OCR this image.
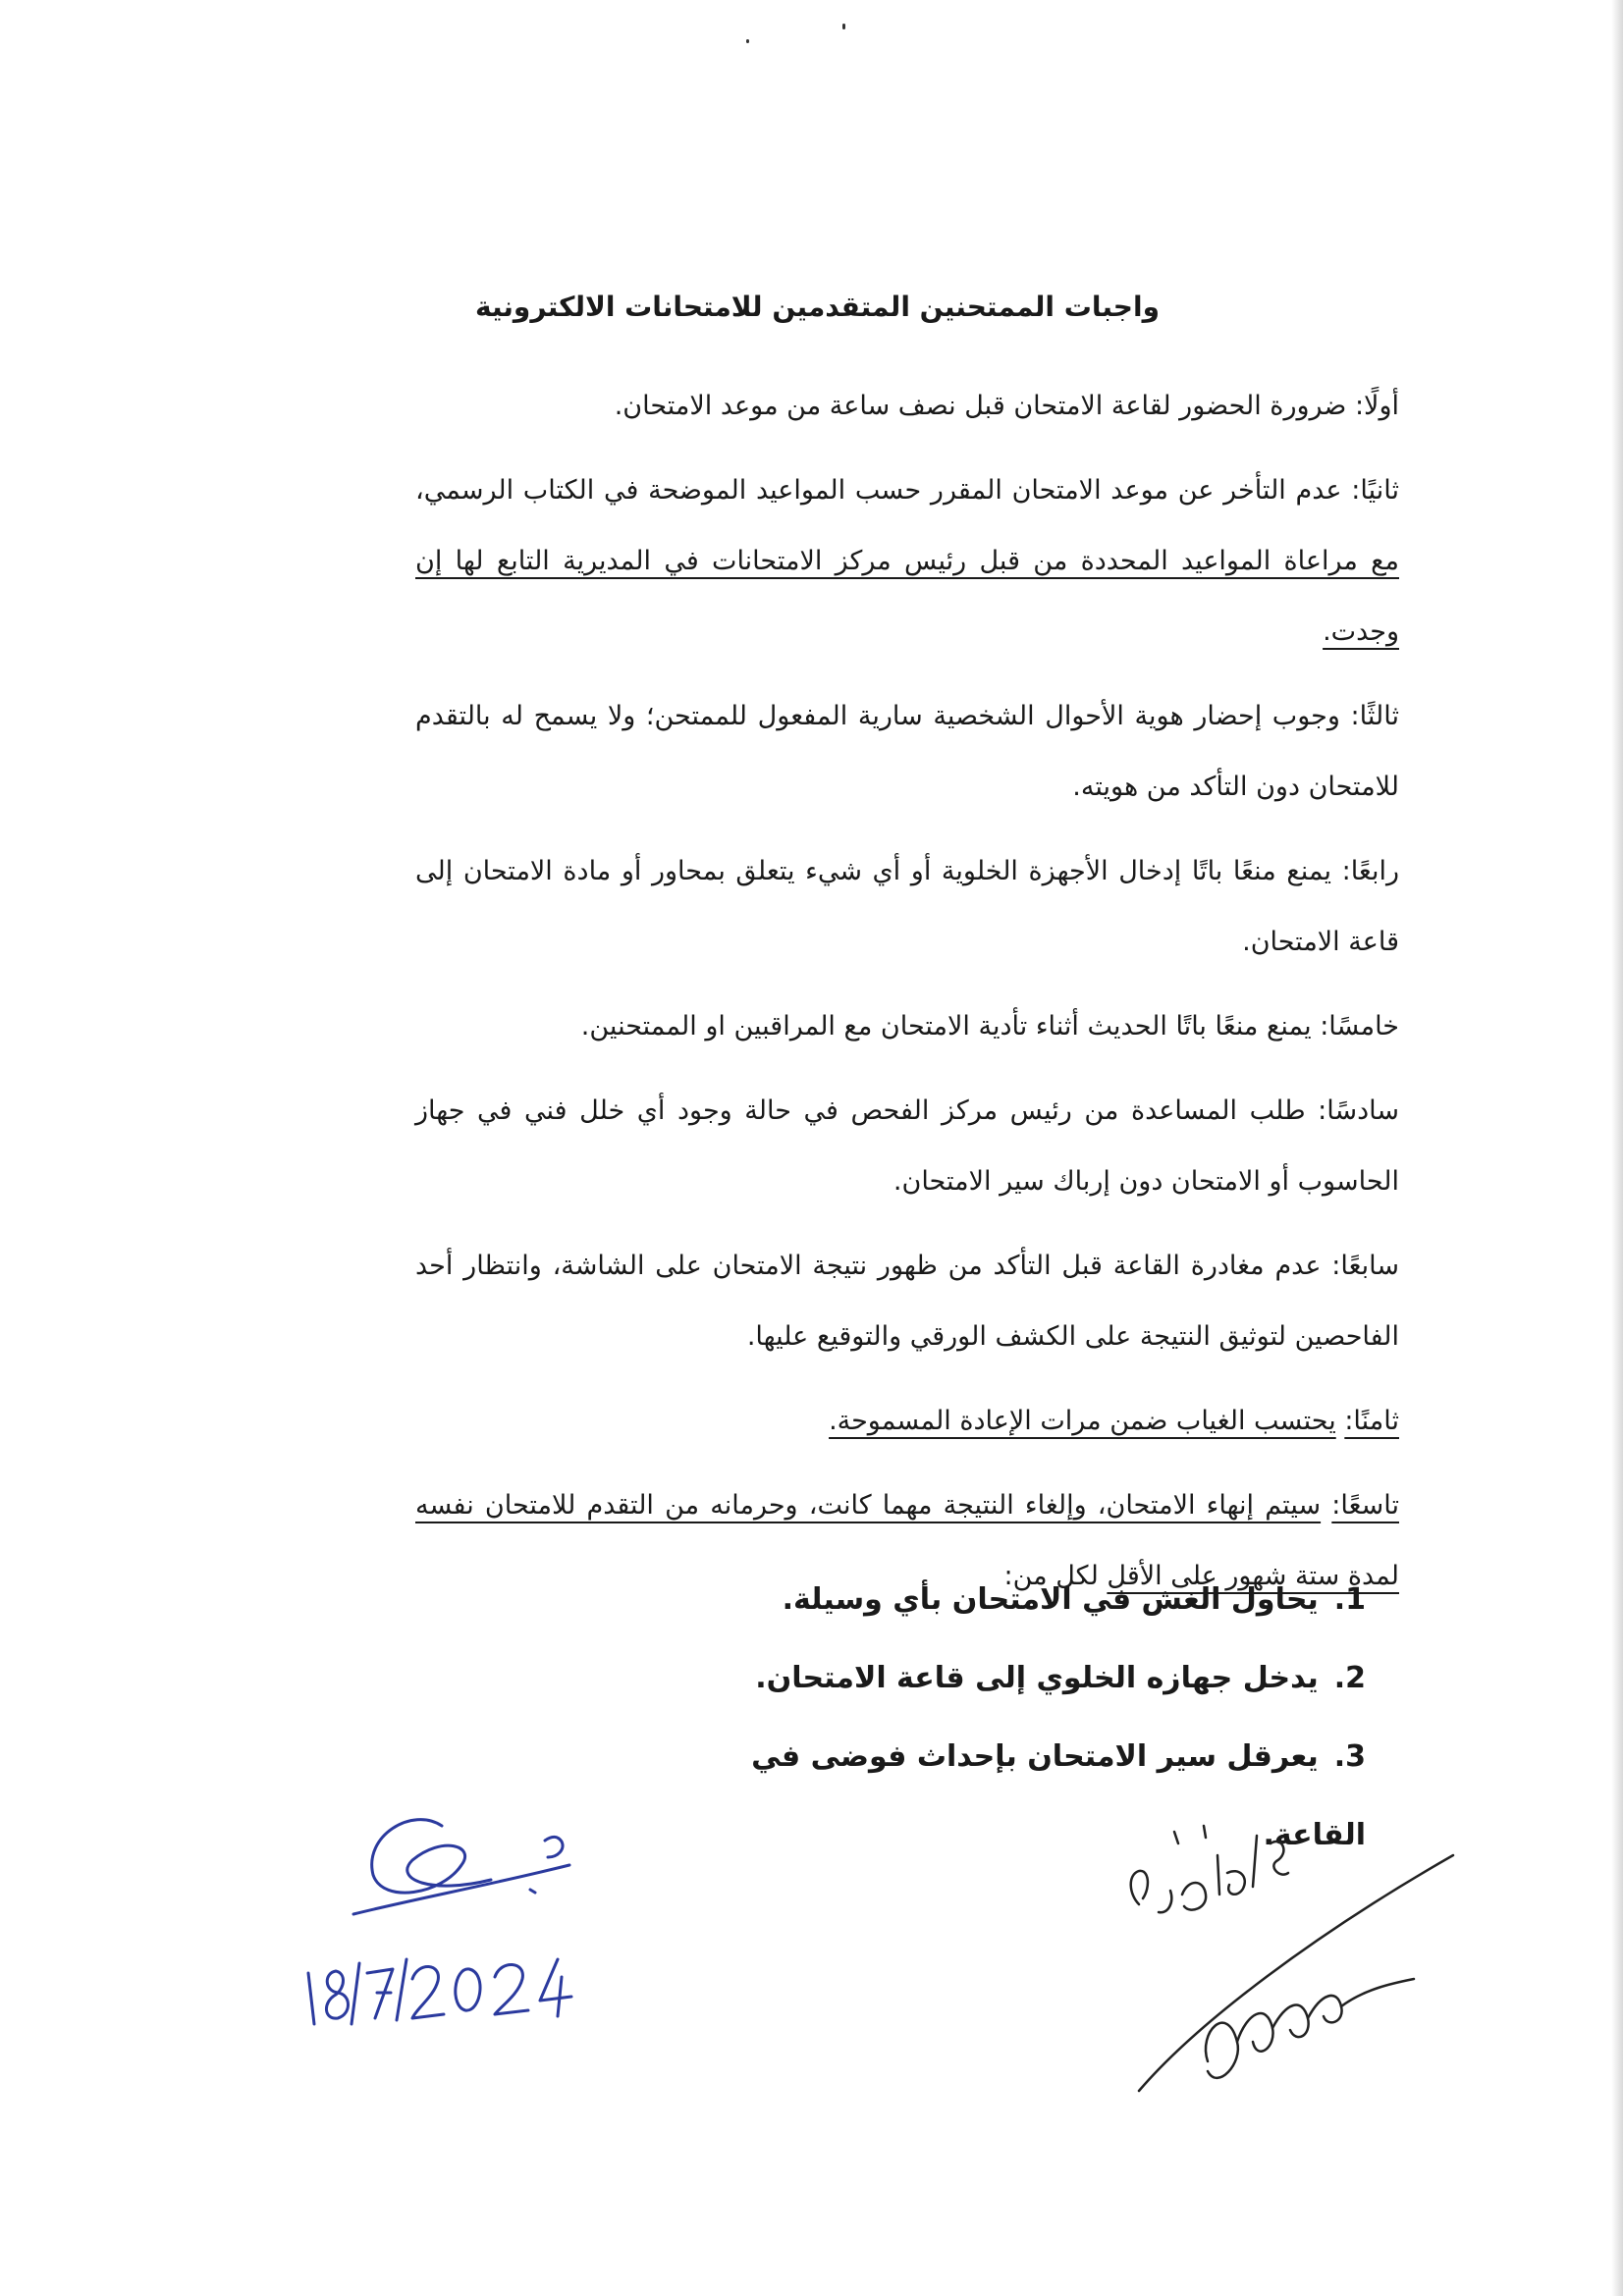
واجبات الممتحنين المتقدمين للامتحانات الالكترونية

أولًا: ضرورة الحضور لقاعة الامتحان قبل نصف ساعة من موعد الامتحان.

ثانيًا: عدم التأخر عن موعد الامتحان المقرر حسب المواعيد الموضحة في الكتاب الرسمي، مع مراعاة المواعيد المحددة من قبل رئيس مركز الامتحانات في المديرية التابع لها إن وجدت.

ثالثًا: وجوب إحضار هوية الأحوال الشخصية سارية المفعول للممتحن؛ ولا يسمح له بالتقدم للامتحان دون التأكد من هويته.

رابعًا: يمنع منعًا باتًا إدخال الأجهزة الخلوية أو أي شيء يتعلق بمحاور أو مادة الامتحان إلى قاعة الامتحان.

خامسًا: يمنع منعًا باتًا الحديث أثناء تأدية الامتحان مع المراقبين او الممتحنين.

سادسًا: طلب المساعدة من رئيس مركز الفحص في حالة وجود أي خلل فني في جهاز الحاسوب أو الامتحان دون إرباك سير الامتحان.

سابعًا: عدم مغادرة القاعة قبل التأكد من ظهور نتيجة الامتحان على الشاشة، وانتظار أحد الفاحصين لتوثيق النتيجة على الكشف الورقي والتوقيع عليها.

ثامنًا: يحتسب الغياب ضمن مرات الإعادة المسموحة.

تاسعًا: سيتم إنهاء الامتحان، وإلغاء النتيجة مهما كانت، وحرمانه من التقدم للامتحان نفسه لمدة ستة شهور على الأقل لكل من:

1.يحاول الغش في الامتحان بأي وسيلة.
2.يدخل جهازه الخلوي إلى قاعة الامتحان.
3.يعرقل سير الامتحان بإحداث فوضى في القاعة.
